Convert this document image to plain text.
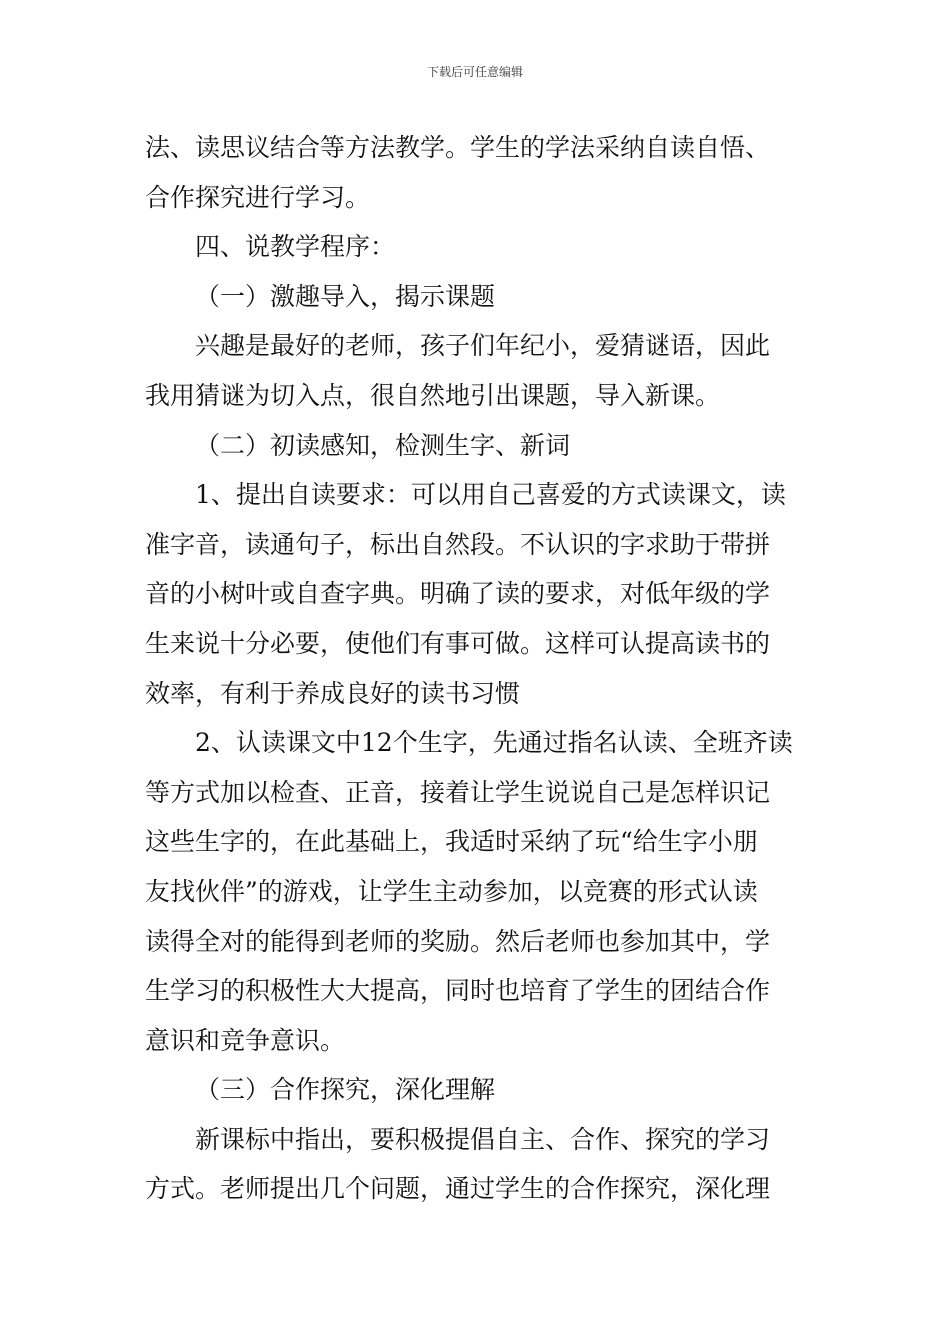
下载后可任意编辑

法、读思议结合等方法教学。学生的学法采纳自读自悟、

合作探究进行学习。

四、说教学程序：

（一）激趣导入，揭示课题

兴趣是最好的老师，孩子们年纪小，爱猜谜语，因此

我用猜谜为切入点，很自然地引出课题，导入新课。

（二）初读感知，检测生字、新词

1、提出自读要求：可以用自己喜爱的方式读课文，读

准字音，读通句子，标出自然段。不认识的字求助于带拼

音的小树叶或自查字典。明确了读的要求，对低年级的学

生来说十分必要，使他们有事可做。这样可认提高读书的

效率，有利于养成良好的读书习惯

2、认读课文中12个生字，先通过指名认读、全班齐读

等方式加以检查、正音，接着让学生说说自己是怎样识记

这些生字的，在此基础上，我适时采纳了玩“给生字小朋

友找伙伴”的游戏，让学生主动参加，以竞赛的形式认读

读得全对的能得到老师的奖励。然后老师也参加其中，学

生学习的积极性大大提高，同时也培育了学生的团结合作

意识和竞争意识。

（三）合作探究，深化理解

新课标中指出，要积极提倡自主、合作、探究的学习

方式。老师提出几个问题，通过学生的合作探究，深化理
